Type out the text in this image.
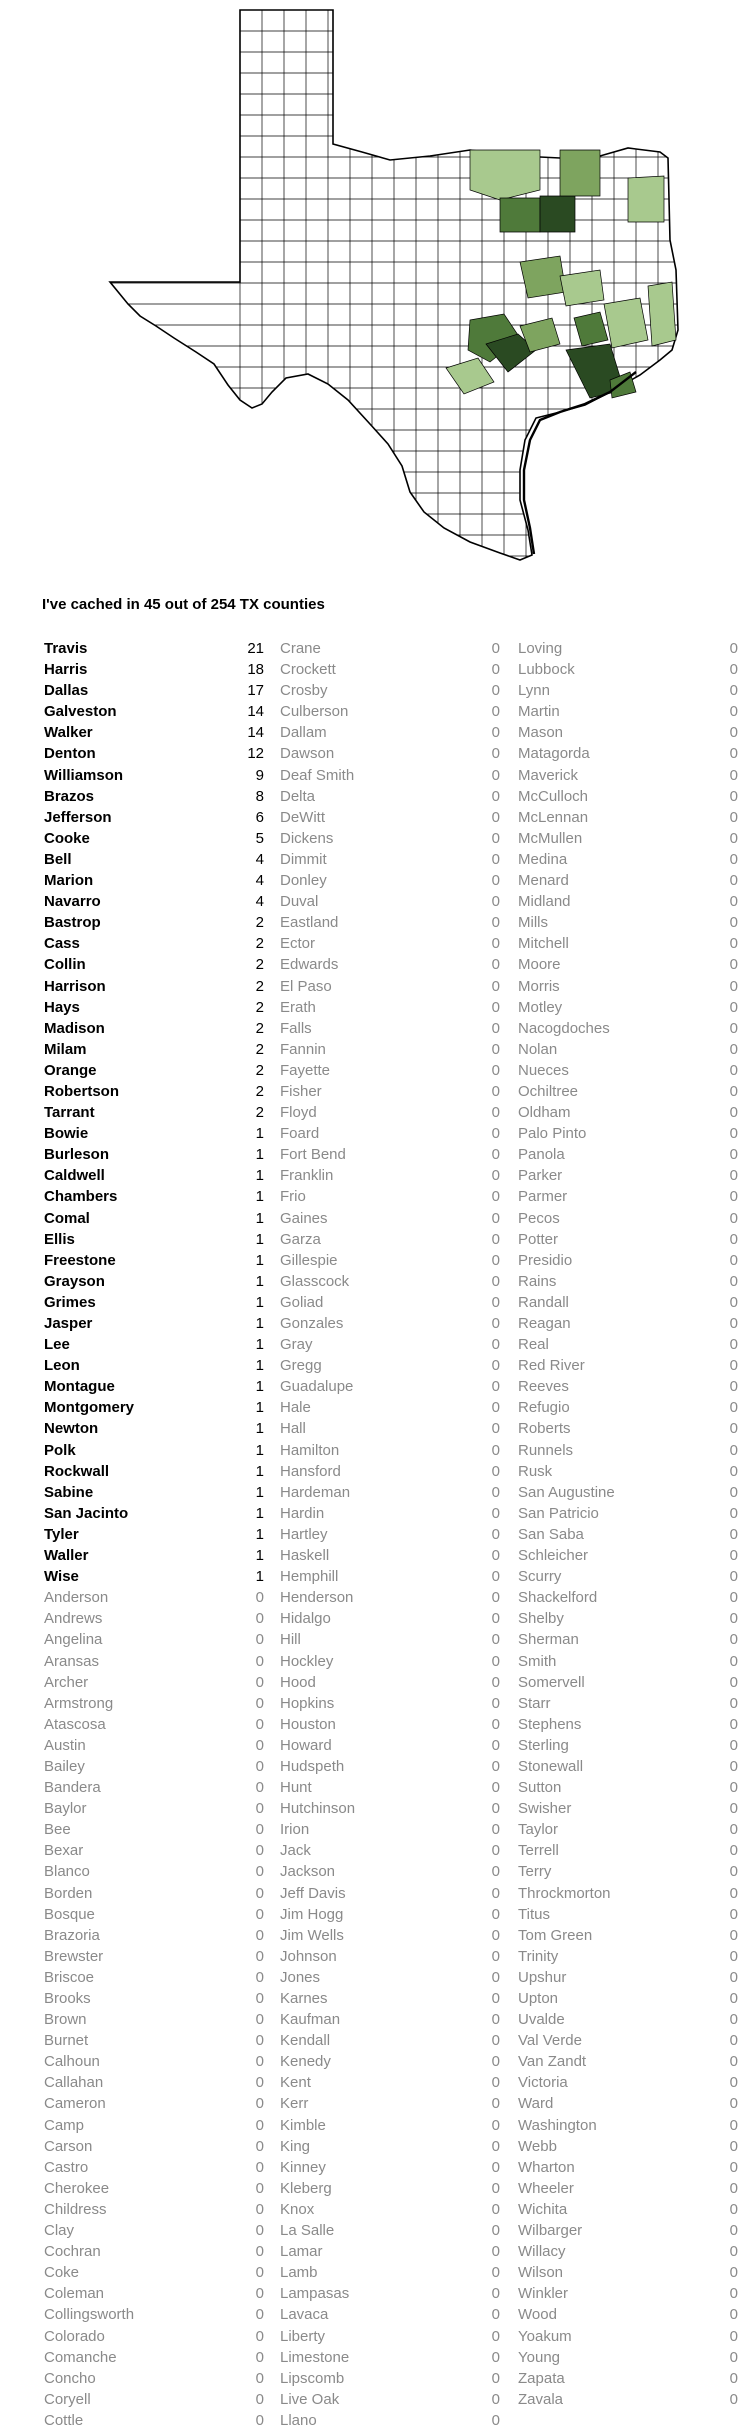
I've cached in 45 out of 254 TX counties
Travis	21
Harris	18
Dallas	17
Galveston	14
Walker	14
Denton	12
Williamson	9
Brazos	8
Jefferson	6
Cooke	5
Bell	4
Marion	4
Navarro	4
Bastrop	2
Cass	2
Collin	2
Harrison	2
Hays	2
Madison	2
Milam	2
Orange	2
Robertson	2
Tarrant	2
Bowie	1
Burleson	1
Caldwell	1
Chambers	1
Comal	1
Ellis	1
Freestone	1
Grayson	1
Grimes	1
Jasper	1
Lee	1
Leon	1
Montague	1
Montgomery	1
Newton	1
Polk	1
Rockwall	1
Sabine	1
San Jacinto	1
Tyler	1
Waller	1
Wise	1
Anderson	0
Andrews	0
Angelina	0
Aransas	0
Archer	0
Armstrong	0
Atascosa	0
Austin	0
Bailey	0
Bandera	0
Baylor	0
Bee	0
Bexar	0
Blanco	0
Borden	0
Bosque	0
Brazoria	0
Brewster	0
Briscoe	0
Brooks	0
Brown	0
Burnet	0
Calhoun	0
Callahan	0
Cameron	0
Camp	0
Carson	0
Castro	0
Cherokee	0
Childress	0
Clay	0
Cochran	0
Coke	0
Coleman	0
Collingsworth	0
Colorado	0
Comanche	0
Concho	0
Coryell	0
Cottle	0
Crane	0
Crockett	0
Crosby	0
Culberson	0
Dallam	0
Dawson	0
Deaf Smith	0
Delta	0
DeWitt	0
Dickens	0
Dimmit	0
Donley	0
Duval	0
Eastland	0
Ector	0
Edwards	0
El Paso	0
Erath	0
Falls	0
Fannin	0
Fayette	0
Fisher	0
Floyd	0
Foard	0
Fort Bend	0
Franklin	0
Frio	0
Gaines	0
Garza	0
Gillespie	0
Glasscock	0
Goliad	0
Gonzales	0
Gray	0
Gregg	0
Guadalupe	0
Hale	0
Hall	0
Hamilton	0
Hansford	0
Hardeman	0
Hardin	0
Hartley	0
Haskell	0
Hemphill	0
Henderson	0
Hidalgo	0
Hill	0
Hockley	0
Hood	0
Hopkins	0
Houston	0
Howard	0
Hudspeth	0
Hunt	0
Hutchinson	0
Irion	0
Jack	0
Jackson	0
Jeff Davis	0
Jim Hogg	0
Jim Wells	0
Johnson	0
Jones	0
Karnes	0
Kaufman	0
Kendall	0
Kenedy	0
Kent	0
Kerr	0
Kimble	0
King	0
Kinney	0
Kleberg	0
Knox	0
La Salle	0
Lamar	0
Lamb	0
Lampasas	0
Lavaca	0
Liberty	0
Limestone	0
Lipscomb	0
Live Oak	0
Llano	0
Loving	0
Lubbock	0
Lynn	0
Martin	0
Mason	0
Matagorda	0
Maverick	0
McCulloch	0
McLennan	0
McMullen	0
Medina	0
Menard	0
Midland	0
Mills	0
Mitchell	0
Moore	0
Morris	0
Motley	0
Nacogdoches	0
Nolan	0
Nueces	0
Ochiltree	0
Oldham	0
Palo Pinto	0
Panola	0
Parker	0
Parmer	0
Pecos	0
Potter	0
Presidio	0
Rains	0
Randall	0
Reagan	0
Real	0
Red River	0
Reeves	0
Refugio	0
Roberts	0
Runnels	0
Rusk	0
San Augustine	0
San Patricio	0
San Saba	0
Schleicher	0
Scurry	0
Shackelford	0
Shelby	0
Sherman	0
Smith	0
Somervell	0
Starr	0
Stephens	0
Sterling	0
Stonewall	0
Sutton	0
Swisher	0
Taylor	0
Terrell	0
Terry	0
Throckmorton	0
Titus	0
Tom Green	0
Trinity	0
Upshur	0
Upton	0
Uvalde	0
Val Verde	0
Van Zandt	0
Victoria	0
Ward	0
Washington	0
Webb	0
Wharton	0
Wheeler	0
Wichita	0
Wilbarger	0
Willacy	0
Wilson	0
Winkler	0
Wood	0
Yoakum	0
Young	0
Zapata	0
Zavala	0
